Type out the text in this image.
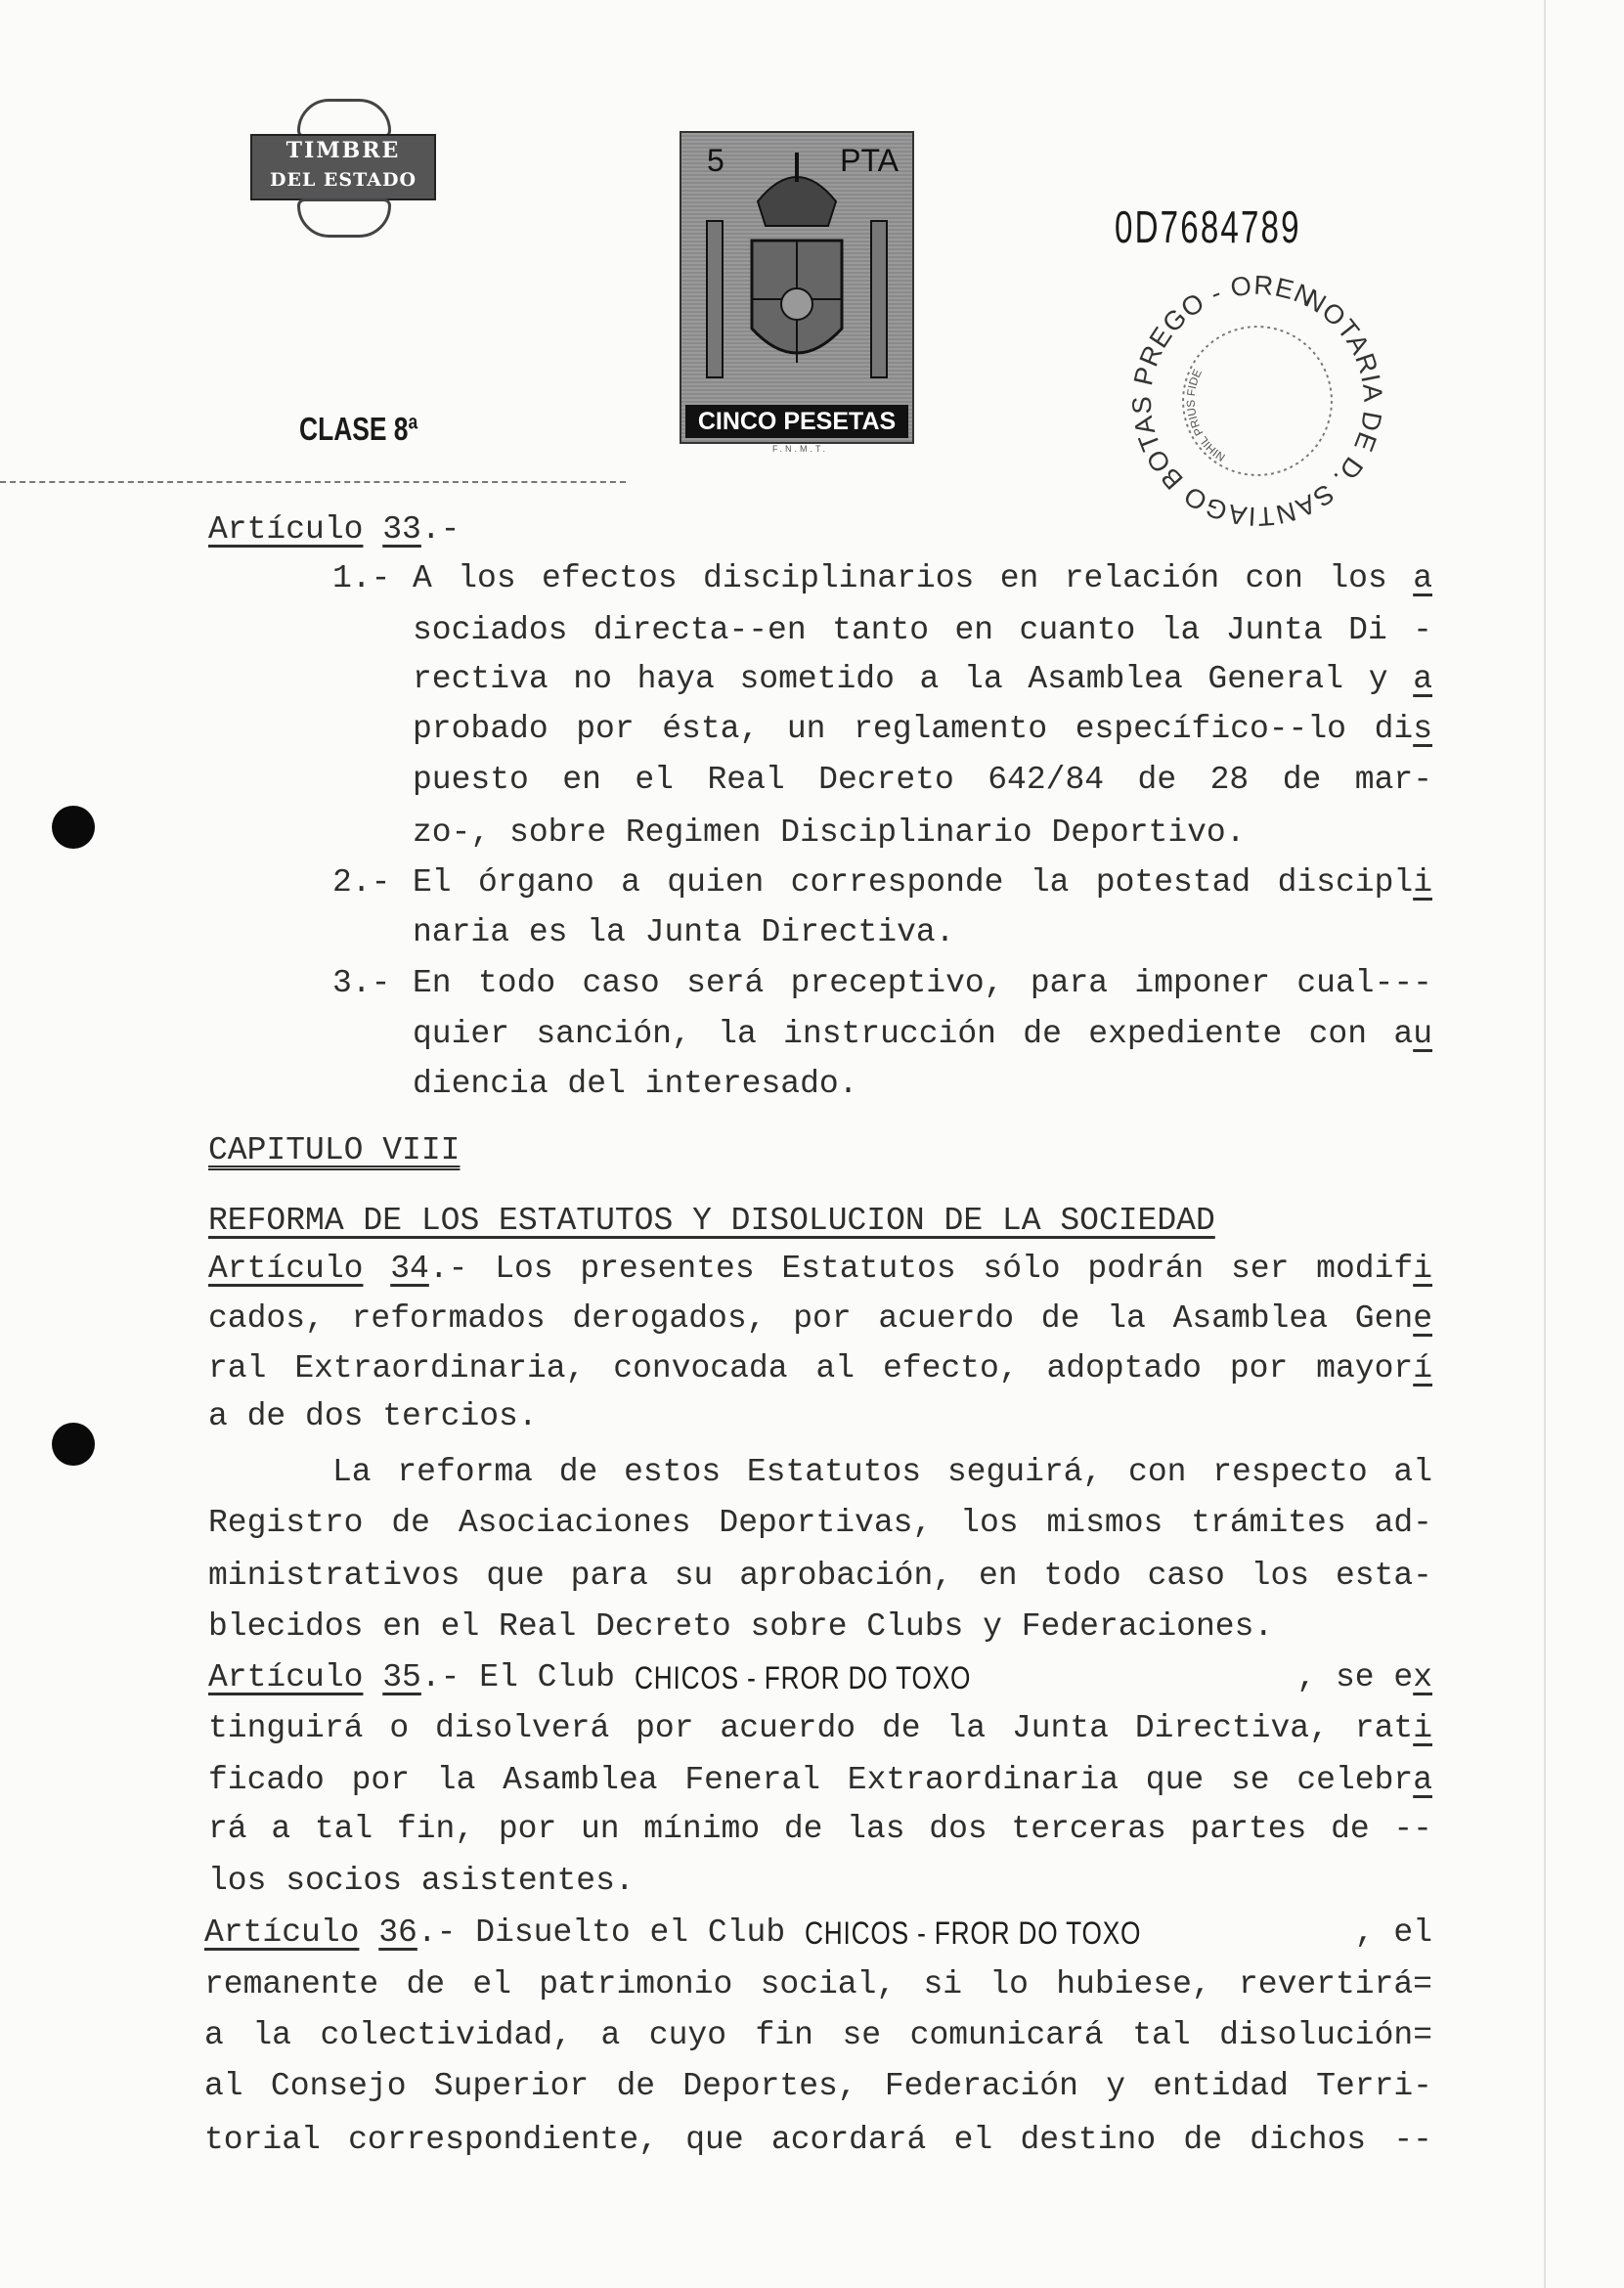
TIMBRE
DEL ESTADO
5	PTA
CINCO PESETAS
F.N.M.T.
0D7684789
CLASE 8ª
NOTARIA DE D. SANTIAGO BOTAS PREGO - ORENSE
NIHIL PRIUS FIDE
Artículo 33.-
1.- A los efectos disciplinarios en relación con los a
sociados directa--en tanto en cuanto la Junta Di -
rectiva no haya sometido a la Asamblea General y a
probado por ésta, un reglamento específico--lo dis
puesto en el Real Decreto 642/84 de 28 de mar-
zo-, sobre Regimen Disciplinario Deportivo.
2.- El órgano a quien corresponde la potestad discipli
naria es la Junta Directiva.
3.- En todo caso será preceptivo, para imponer cual---
quier sanción, la instrucción de expediente con au
diencia del interesado.
CAPITULO VIII
REFORMA DE LOS ESTATUTOS Y DISOLUCION DE LA SOCIEDAD
Artículo 34.- Los presentes Estatutos sólo podrán ser modifi
cados, reformados derogados, por acuerdo de la Asamblea Gene
ral Extraordinaria, convocada al efecto, adoptado por mayorí
a de dos tercios.
La reforma de estos Estatutos seguirá, con respecto al
Registro de Asociaciones Deportivas, los mismos trámites ad-
ministrativos que para su aprobación, en todo caso los esta-
blecidos en el Real Decreto sobre Clubs y Federaciones.
Artículo
35 .- El Club CHICOS - FROR DO TOXO	, se e x
tinguirá o disolverá por acuerdo de la Junta Directiva, rati
ficado por la Asamblea Feneral Extraordinaria que se celebra
rá a tal fin, por un mínimo de las dos terceras partes de --
los socios asistentes.
Artículo
36 .- Disuelto el Club CHICOS - FROR DO TOXO	, el
remanente de el patrimonio social, si lo hubiese, revertirá=
a la colectividad, a cuyo fin se comunicará tal disolución=
al Consejo Superior de Deportes, Federación y entidad Terri-
torial correspondiente, que acordará el destino de dichos --
